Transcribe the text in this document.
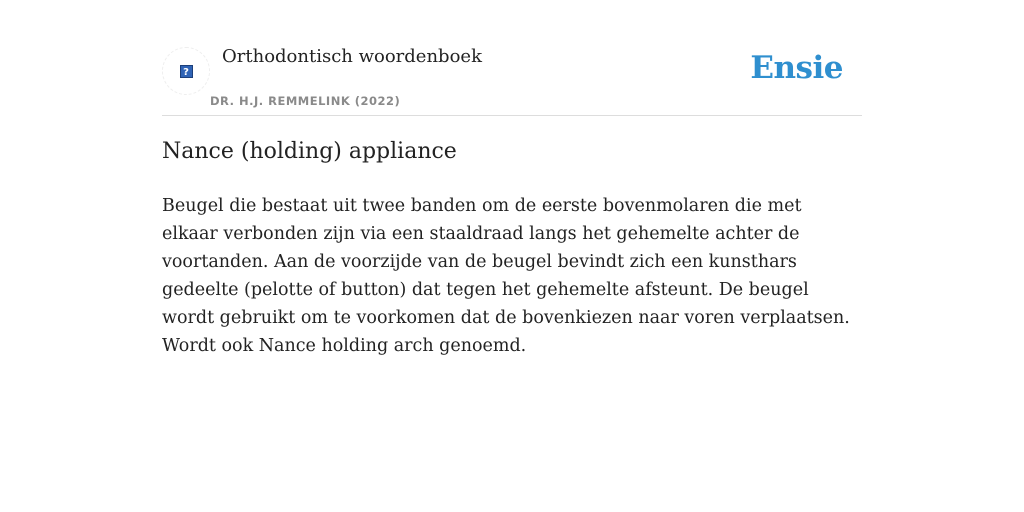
?
Orthodontisch woordenboek
DR. H.J. REMMELINK (2022)
Ensie
Nance (holding) appliance

Beugel die bestaat uit twee banden om de eerste bovenmolaren die met elkaar verbonden zijn via een staaldraad langs het gehemelte achter de voortanden. Aan de voorzijde van de beugel bevindt zich een kunsthars gedeelte (pelotte of button) dat tegen het gehemelte afsteunt. De beugel wordt gebruikt om te voorkomen dat de bovenkiezen naar voren verplaatsen. Wordt ook Nance holding arch genoemd.
